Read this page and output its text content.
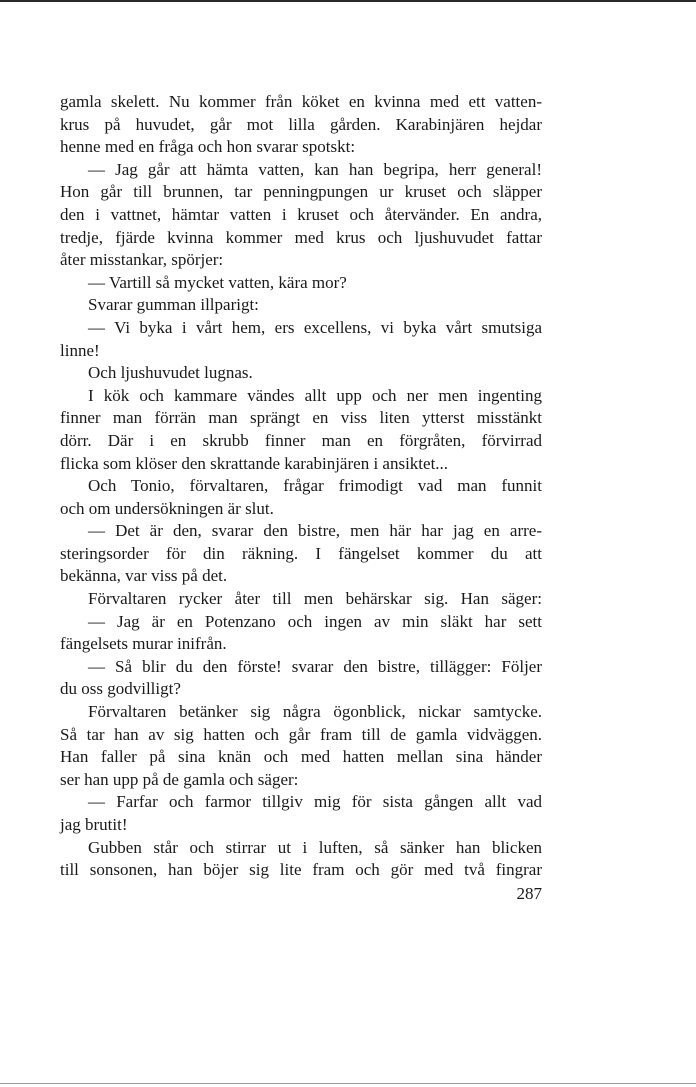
gamla skelett. Nu kommer från köket en kvinna med ett vatten-
krus på huvudet, går mot lilla gården. Karabinjären hejdar
henne med en fråga och hon svarar spotskt:
— Jag går att hämta vatten, kan han begripa, herr general!
Hon går till brunnen, tar penningpungen ur kruset och släpper
den i vattnet, hämtar vatten i kruset och återvänder. En andra,
tredje, fjärde kvinna kommer med krus och ljushuvudet fattar
åter misstankar, spörjer:
— Vartill så mycket vatten, kära mor?
Svarar gumman illparigt:
— Vi byka i vårt hem, ers excellens, vi byka vårt smutsiga
linne!
Och ljushuvudet lugnas.
I kök och kammare vändes allt upp och ner men ingenting
finner man förrän man sprängt en viss liten ytterst misstänkt
dörr. Där i en skrubb finner man en förgråten, förvirrad
flicka som klöser den skrattande karabinjären i ansiktet...
Och Tonio, förvaltaren, frågar frimodigt vad man funnit
och om undersökningen är slut.
— Det är den, svarar den bistre, men här har jag en arre-
steringsorder för din räkning. I fängelset kommer du att
bekänna, var viss på det.
Förvaltaren rycker åter till men behärskar sig. Han säger:
— Jag är en Potenzano och ingen av min släkt har sett
fängelsets murar inifrån.
— Så blir du den förste! svarar den bistre, tillägger: Följer
du oss godvilligt?
Förvaltaren betänker sig några ögonblick, nickar samtycke.
Så tar han av sig hatten och går fram till de gamla vidväggen.
Han faller på sina knän och med hatten mellan sina händer
ser han upp på de gamla och säger:
— Farfar och farmor tillgiv mig för sista gången allt vad
jag brutit!
Gubben står och stirrar ut i luften, så sänker han blicken
till sonsonen, han böjer sig lite fram och gör med två fingrar
287
